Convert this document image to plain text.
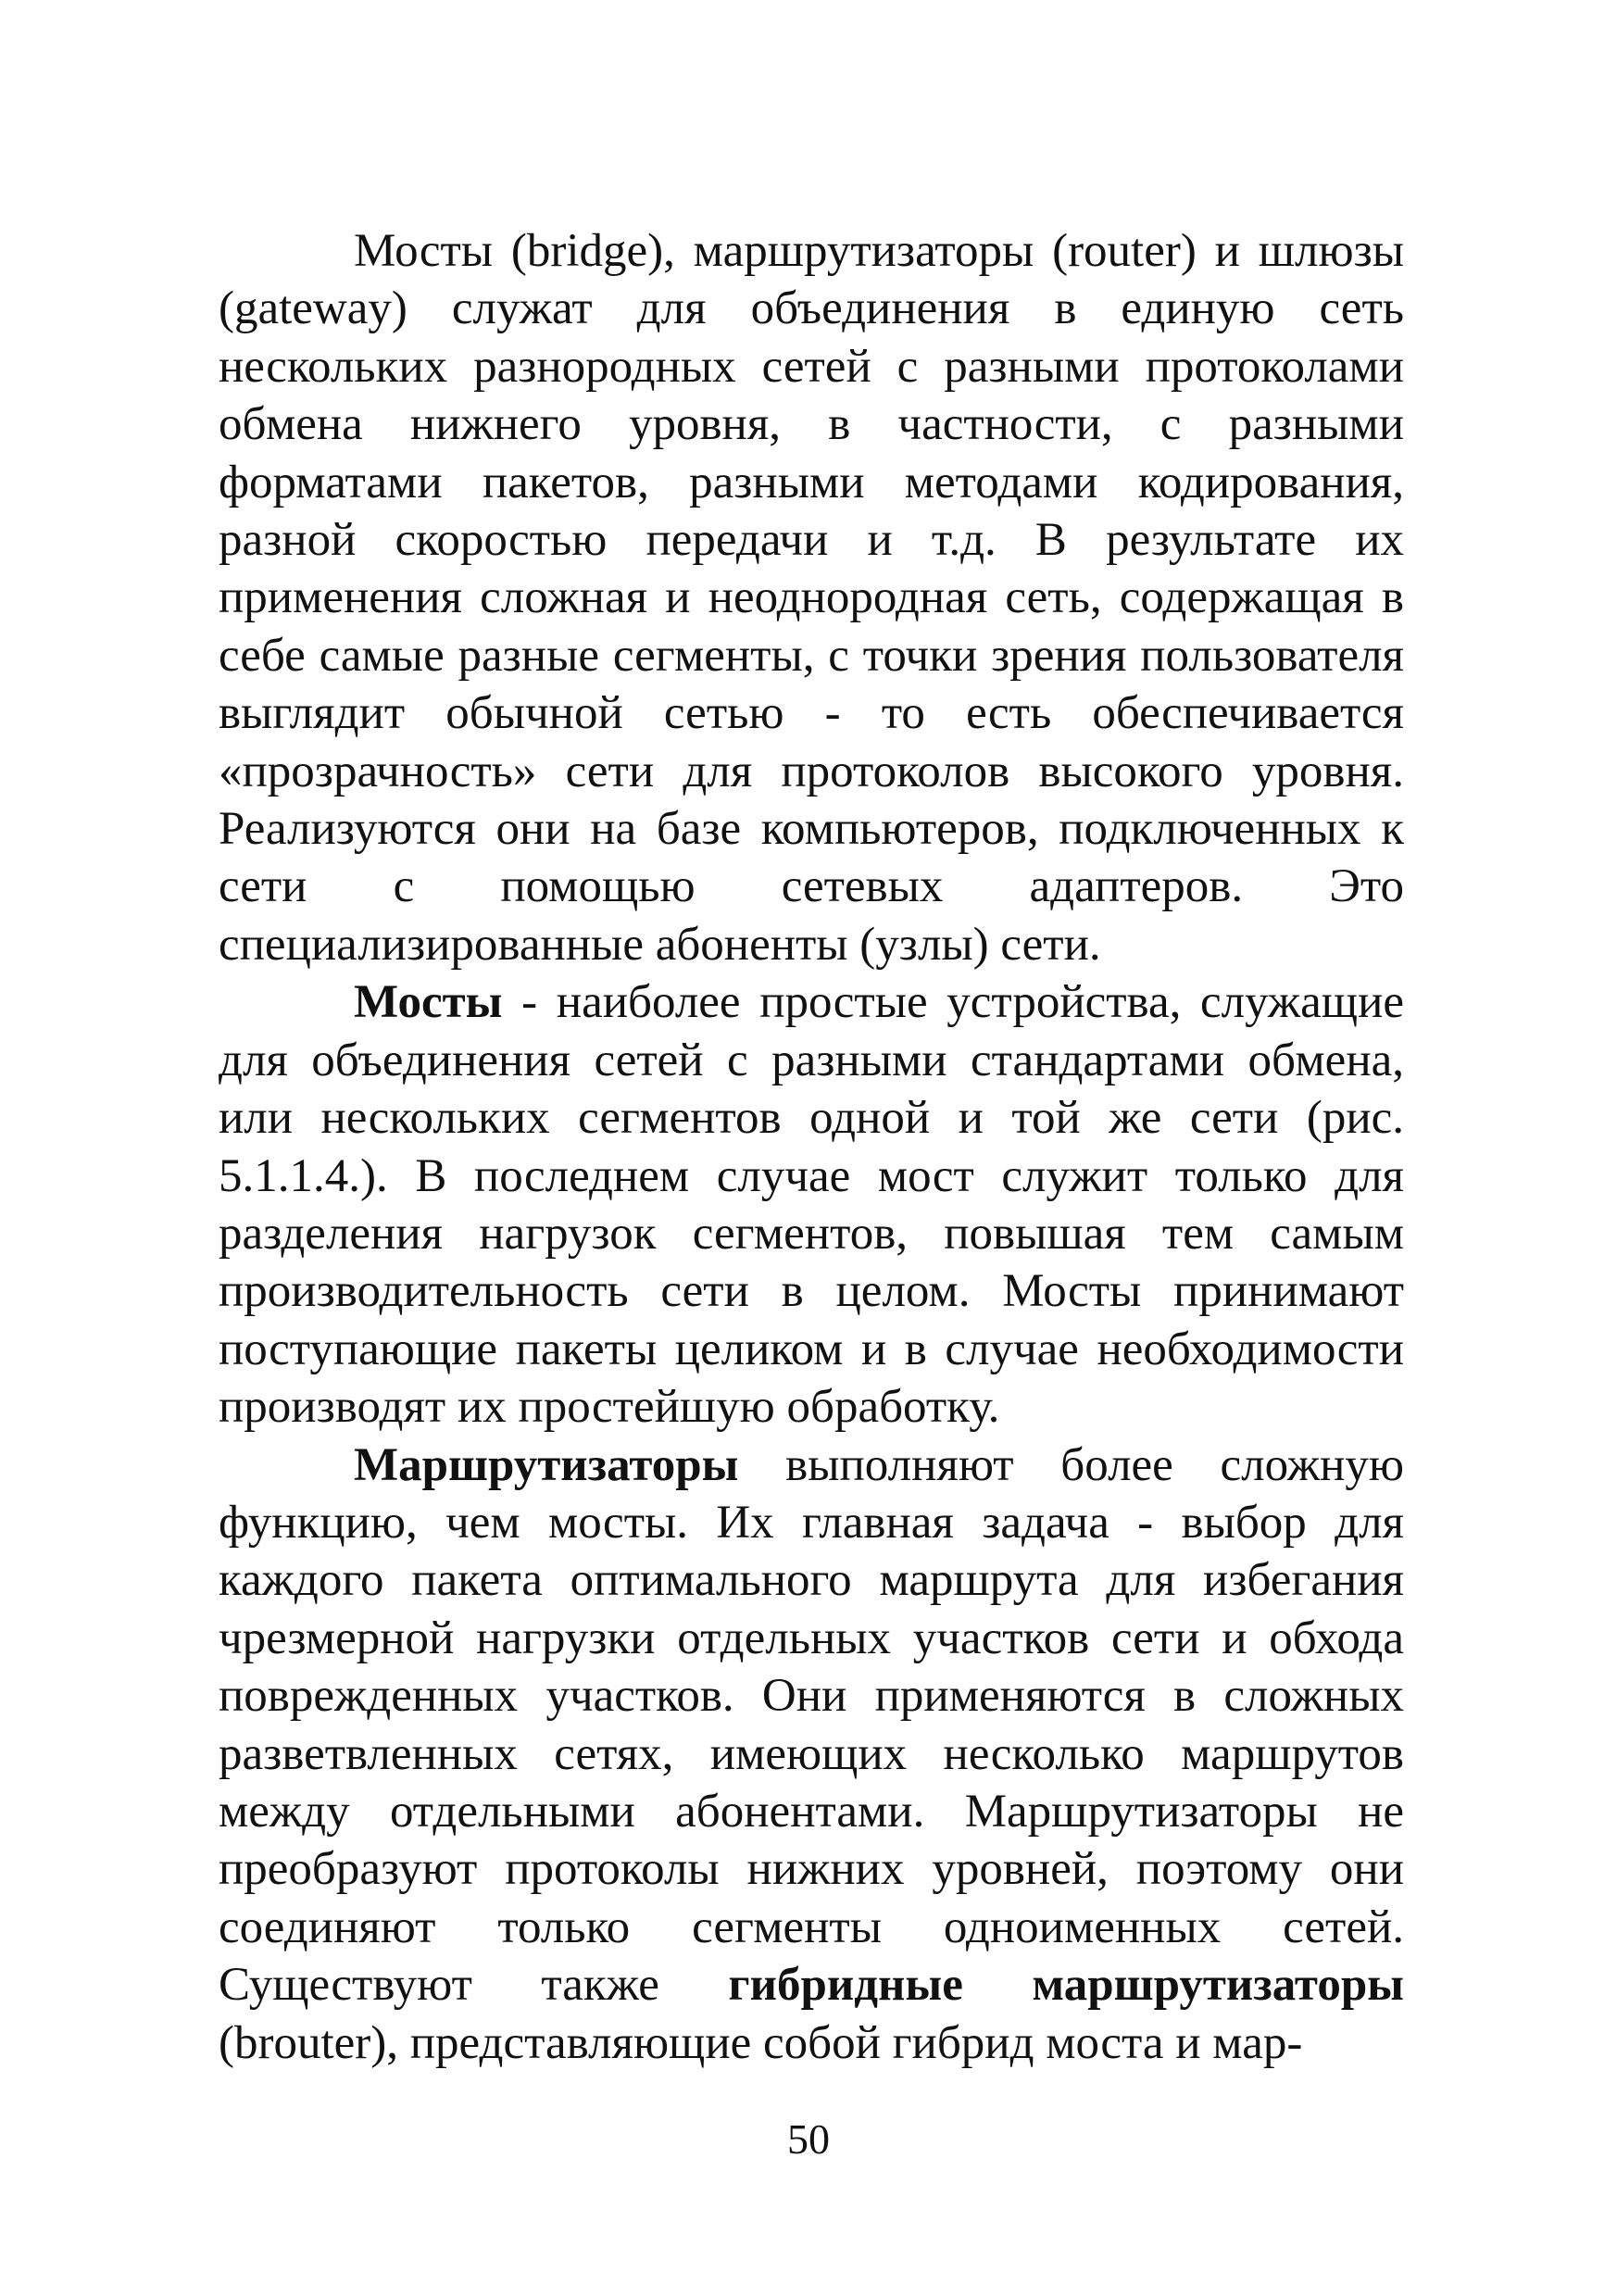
Мосты (bridge), маршрутизаторы (router) и шлюзы (gateway) служат для объединения в единую сеть нескольких разнородных сетей с разными протоколами обмена нижнего уровня, в частности, с разными форматами пакетов, разными методами кодирования, разной скоростью передачи и т.д. В результате их применения сложная и неоднородная сеть, содержащая в себе самые разные сегменты, с точки зрения пользователя выглядит обычной сетью - то есть обеспечивается «прозрачность» сети для протоколов высокого уровня. Реализуются они на базе компьютеров, подключенных к сети с помощью сетевых адаптеров. Это специализированные абоненты (узлы) сети.

Мосты - наиболее простые устройства, служащие для объединения сетей с разными стандартами обмена, или нескольких сегментов одной и той же сети (рис. 5.1.1.4.). В последнем случае мост служит только для разделения нагрузок сегментов, повышая тем самым производительность сети в целом. Мосты принимают поступающие пакеты целиком и в случае необходимости производят их простейшую обработку.

Маршрутизаторы выполняют более сложную функцию, чем мосты. Их главная задача - выбор для каждого пакета оптимального маршрута для избегания чрезмерной нагрузки отдельных участков сети и обхода поврежденных участков. Они применяются в сложных разветвленных сетях, имеющих несколько маршрутов между отдельными абонентами. Маршрутизаторы не преобразуют протоколы нижних уровней, поэтому они соединяют только сегменты одноименных сетей. Существуют также гибридные маршрутизаторы (brouter), представляющие собой гибрид моста и мар-

50
